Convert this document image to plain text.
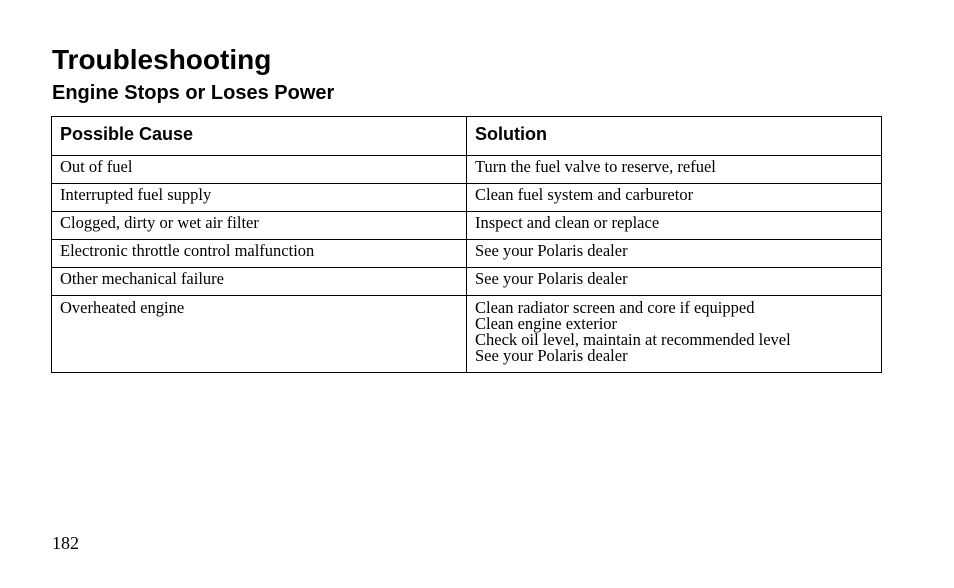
Troubleshooting
Engine Stops or Loses Power
Possible Cause	Solution
Out of fuel	Turn the fuel valve to reserve, refuel

Interrupted fuel supply	Clean fuel system and carburetor

Clogged, dirty or wet air filter	Inspect and clean or replace

Electronic throttle control malfunction	See your Polaris dealer

Other mechanical failure	See your Polaris dealer

Overheated engine	Clean radiator screen and core if equipped
Clean engine exterior
Check oil level, maintain at recommended level
See your Polaris dealer
182
